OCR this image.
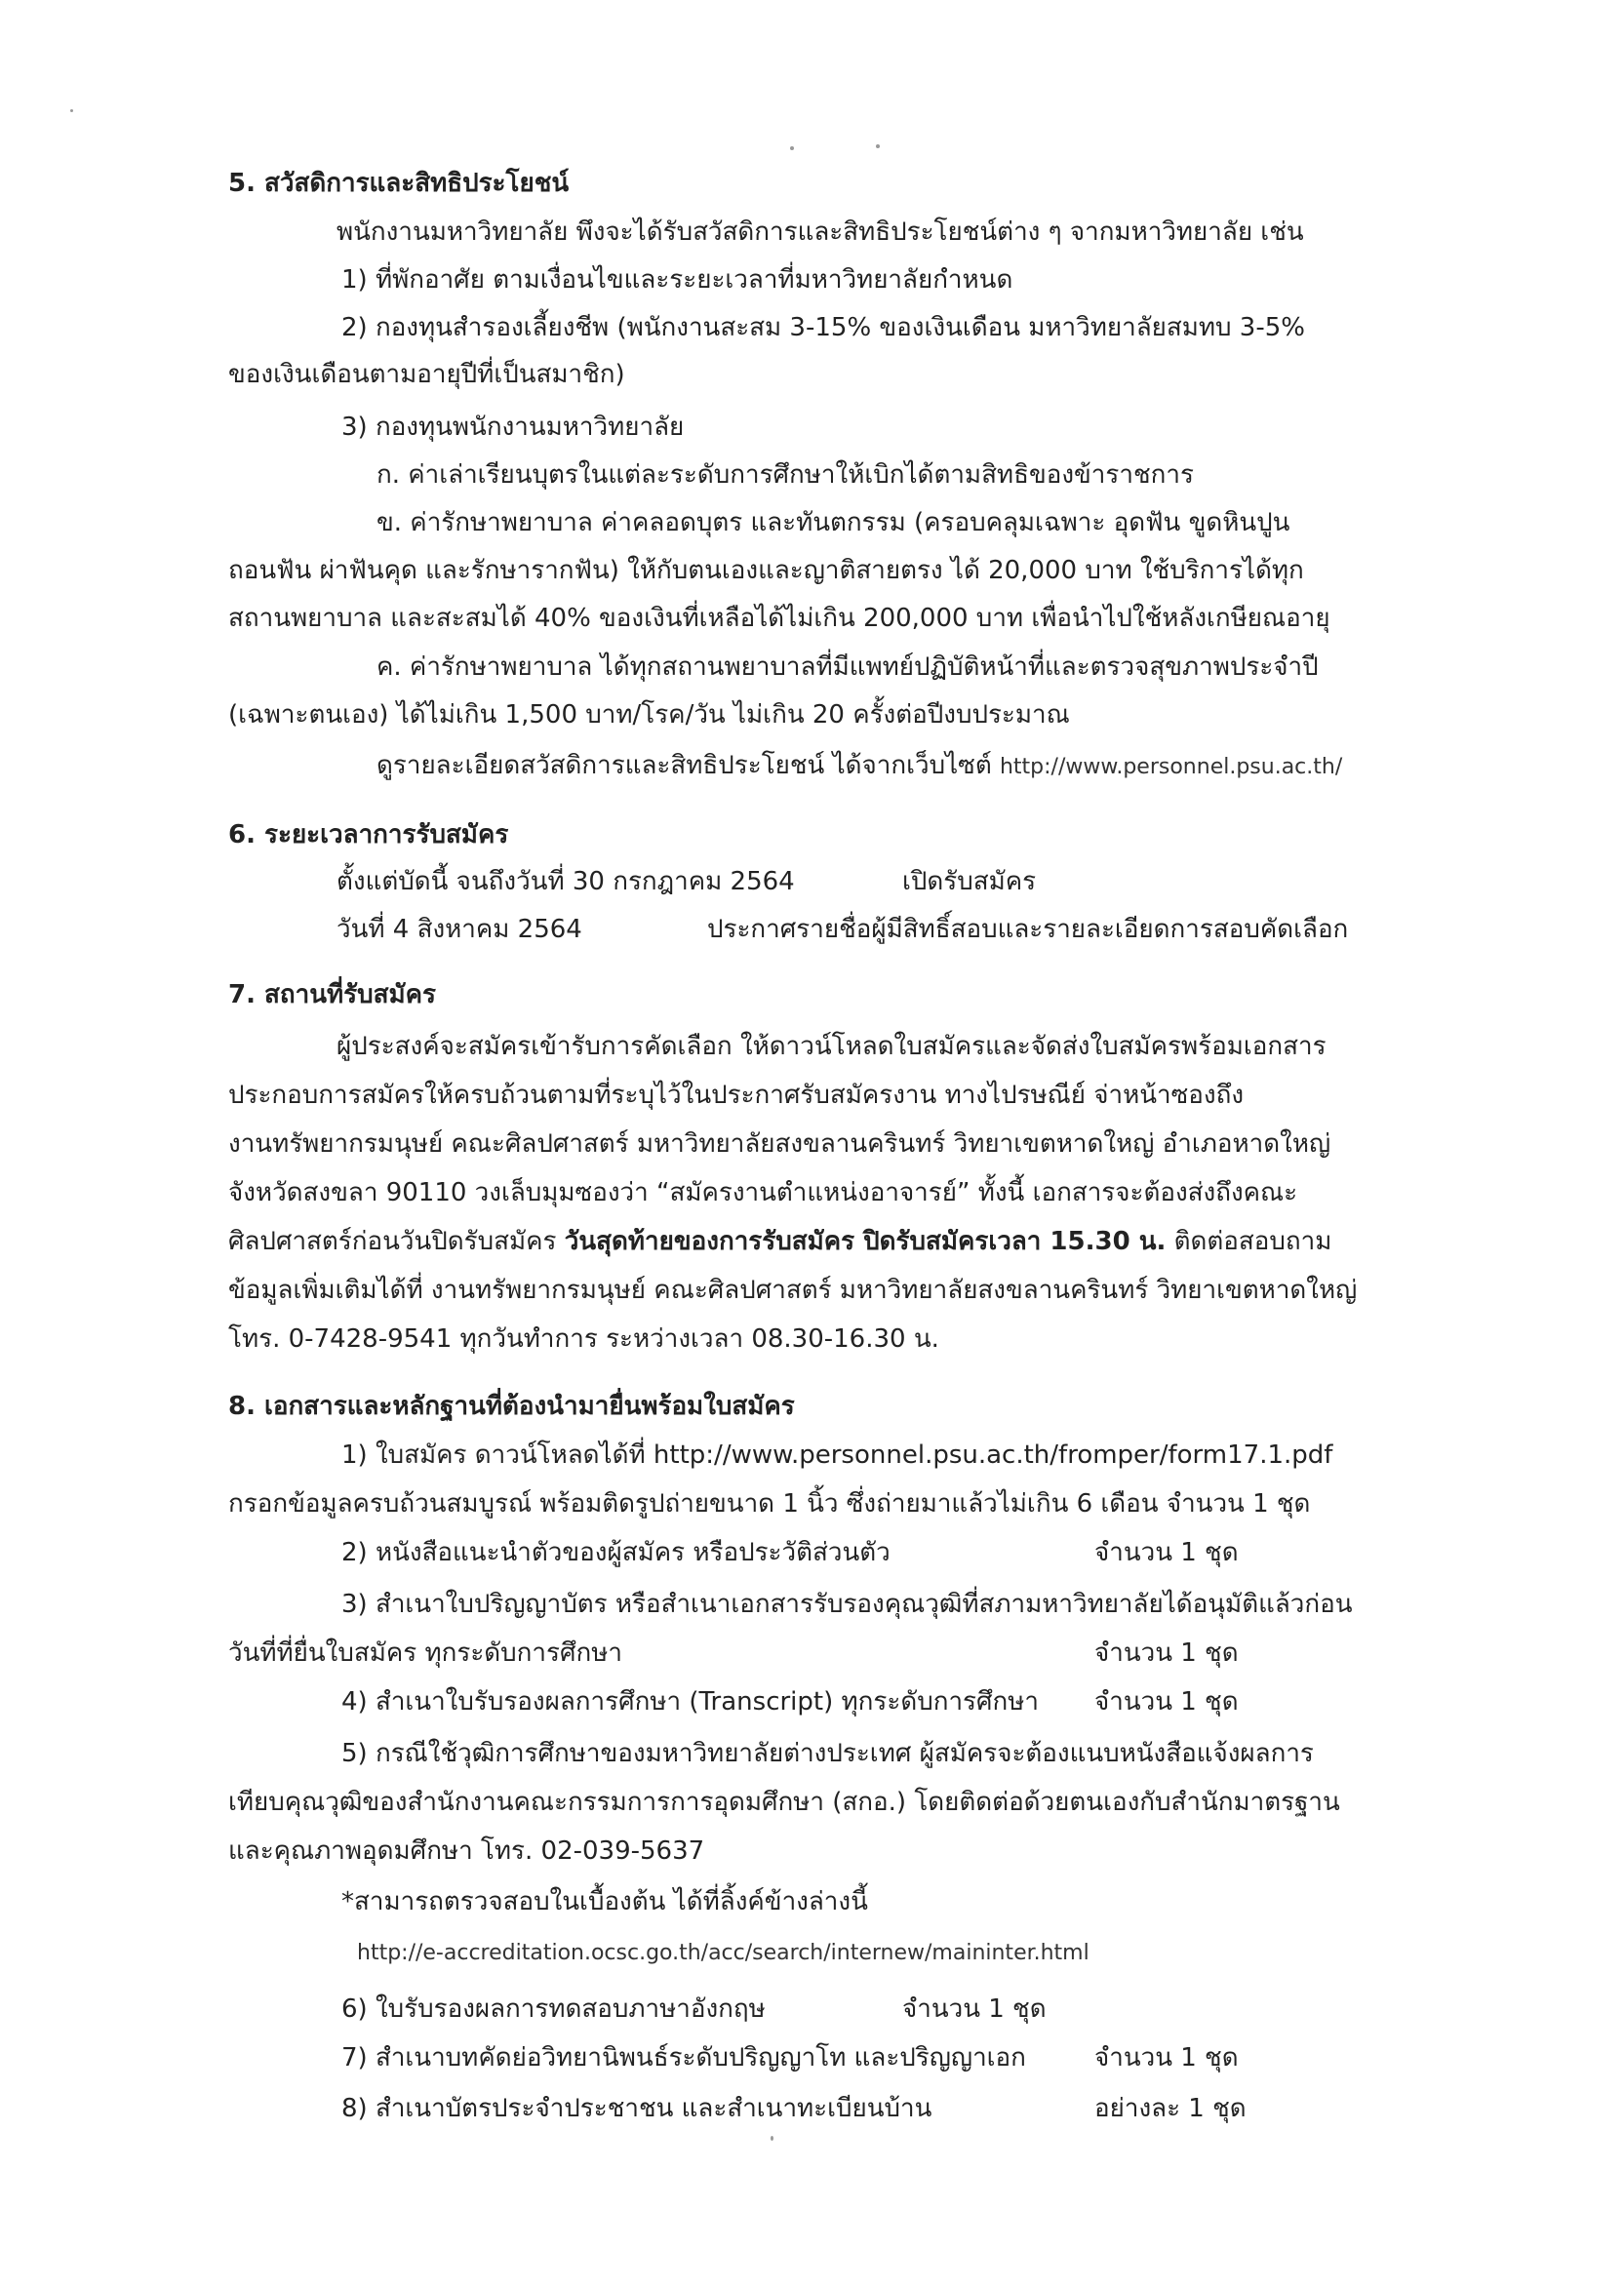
5. สวัสดิการและสิทธิประโยชน์
พนักงานมหาวิทยาลัย พึงจะได้รับสวัสดิการและสิทธิประโยชน์ต่าง ๆ จากมหาวิทยาลัย เช่น
1) ที่พักอาศัย ตามเงื่อนไขและระยะเวลาที่มหาวิทยาลัยกำหนด
2) กองทุนสำรองเลี้ยงชีพ (พนักงานสะสม 3-15% ของเงินเดือน มหาวิทยาลัยสมทบ 3-5%
ของเงินเดือนตามอายุปีที่เป็นสมาชิก)
3) กองทุนพนักงานมหาวิทยาลัย
ก. ค่าเล่าเรียนบุตรในแต่ละระดับการศึกษาให้เบิกได้ตามสิทธิของข้าราชการ
ข. ค่ารักษาพยาบาล ค่าคลอดบุตร และทันตกรรม (ครอบคลุมเฉพาะ อุดฟัน ขูดหินปูน
ถอนฟัน ผ่าฟันคุด และรักษารากฟัน) ให้กับตนเองและญาติสายตรง ได้ 20,000 บาท ใช้บริการได้ทุก
สถานพยาบาล และสะสมได้ 40% ของเงินที่เหลือได้ไม่เกิน 200,000 บาท เพื่อนำไปใช้หลังเกษียณอายุ
ค. ค่ารักษาพยาบาล ได้ทุกสถานพยาบาลที่มีแพทย์ปฏิบัติหน้าที่และตรวจสุขภาพประจำปี
(เฉพาะตนเอง) ได้ไม่เกิน 1,500 บาท/โรค/วัน ไม่เกิน 20 ครั้งต่อปีงบประมาณ
ดูรายละเอียดสวัสดิการและสิทธิประโยชน์ ได้จากเว็บไซต์ http://www.personnel.psu.ac.th/
6. ระยะเวลาการรับสมัคร
ตั้งแต่บัดนี้ จนถึงวันที่ 30 กรกฎาคม 2564	เปิดรับสมัคร
วันที่ 4 สิงหาคม 2564	ประกาศรายชื่อผู้มีสิทธิ์สอบและรายละเอียดการสอบคัดเลือก
7. สถานที่รับสมัคร
ผู้ประสงค์จะสมัครเข้ารับการคัดเลือก ให้ดาวน์โหลดใบสมัครและจัดส่งใบสมัครพร้อมเอกสาร
ประกอบการสมัครให้ครบถ้วนตามที่ระบุไว้ในประกาศรับสมัครงาน ทางไปรษณีย์ จ่าหน้าซองถึง
งานทรัพยากรมนุษย์ คณะศิลปศาสตร์ มหาวิทยาลัยสงขลานครินทร์ วิทยาเขตหาดใหญ่ อำเภอหาดใหญ่
จังหวัดสงขลา 90110 วงเล็บมุมซองว่า “สมัครงานตำแหน่งอาจารย์” ทั้งนี้ เอกสารจะต้องส่งถึงคณะ
ศิลปศาสตร์ก่อนวันปิดรับสมัคร วันสุดท้ายของการรับสมัคร ปิดรับสมัครเวลา 15.30 น. ติดต่อสอบถาม
ข้อมูลเพิ่มเติมได้ที่ งานทรัพยากรมนุษย์ คณะศิลปศาสตร์ มหาวิทยาลัยสงขลานครินทร์ วิทยาเขตหาดใหญ่
โทร. 0-7428-9541 ทุกวันทำการ ระหว่างเวลา 08.30-16.30 น.
8. เอกสารและหลักฐานที่ต้องนำมายื่นพร้อมใบสมัคร
1) ใบสมัคร ดาวน์โหลดได้ที่ http://www.personnel.psu.ac.th/fromper/form17.1.pdf
กรอกข้อมูลครบถ้วนสมบูรณ์ พร้อมติดรูปถ่ายขนาด 1 นิ้ว ซึ่งถ่ายมาแล้วไม่เกิน 6 เดือน จำนวน 1 ชุด
2) หนังสือแนะนำตัวของผู้สมัคร หรือประวัติส่วนตัว	จำนวน 1 ชุด
3) สำเนาใบปริญญาบัตร หรือสำเนาเอกสารรับรองคุณวุฒิที่สภามหาวิทยาลัยได้อนุมัติแล้วก่อน
วันที่ที่ยื่นใบสมัคร ทุกระดับการศึกษา	จำนวน 1 ชุด
4) สำเนาใบรับรองผลการศึกษา (Transcript) ทุกระดับการศึกษา จำนวน 1 ชุด
5) กรณีใช้วุฒิการศึกษาของมหาวิทยาลัยต่างประเทศ ผู้สมัครจะต้องแนบหนังสือแจ้งผลการ
เทียบคุณวุฒิของสำนักงานคณะกรรมการการอุดมศึกษา (สกอ.) โดยติดต่อด้วยตนเองกับสำนักมาตรฐาน
และคุณภาพอุดมศึกษา โทร. 02-039-5637
*สามารถตรวจสอบในเบื้องต้น ได้ที่ลิ้งค์ข้างล่างนี้
http://e-accreditation.ocsc.go.th/acc/search/internew/maininter.html
6) ใบรับรองผลการทดสอบภาษาอังกฤษ	จำนวน 1 ชุด
7) สำเนาบทคัดย่อวิทยานิพนธ์ระดับปริญญาโท และปริญญาเอก	จำนวน 1 ชุด
8) สำเนาบัตรประจำประชาชน และสำเนาทะเบียนบ้าน	อย่างละ 1 ชุด
